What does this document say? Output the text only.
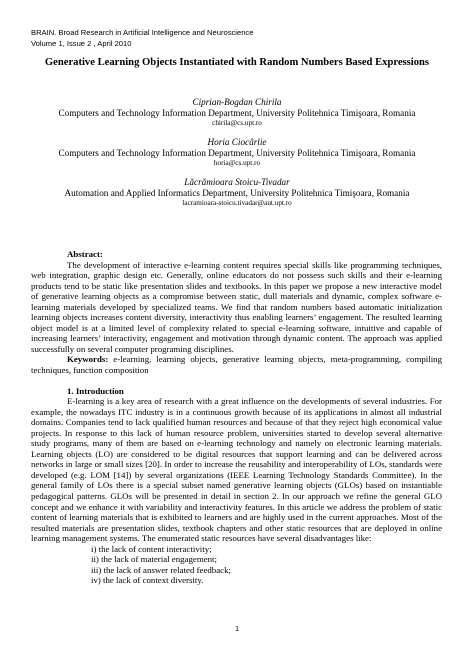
BRAIN. Broad Research in Artificial Intelligence and Neuroscience
Volume 1, Issue 2 , April 2010
Generative Learning Objects Instantiated with Random Numbers Based Expressions
Ciprian-Bogdan Chirila
Computers and Technology Information Department, University Politehnica Timişoara, Romania
chirila@cs.upt.ro
Horia Ciocârlie
Computers and Technology Information Department, University Politehnica Timişoara, Romania
horia@cs.upt.ro
Lăcrămioara Stoicu-Tivadar
Automation and Applied Informatics Department, University Politehnica Timişoara, Romania
lacramioara-stoicu.tivadar@aut.upt.ro
Abstract:

The development of interactive e-learning content requires special skills like programming techniques, web integration, graphic design etc. Generally, online educators do not possess such skills and their e-learning products tend to be static like presentation slides and textbooks. In this paper we propose a new interactive model of generative learning objects as a compromise between static, dull materials and dynamic, complex software e-learning materials developed by specialized teams. We find that random numbers based automatic initialization learning objects increases content diversity, interactivity thus enabling learners’ engagement. The resulted learning object model is at a limited level of complexity related to special e-learning software, intuitive and capable of increasing learners’ interactivity, engagement and motivation through dynamic content. The approach was applied successfully on several computer programing disciplines.

Keywords: e-learning, learning objects, generative learning objects, meta-programming, compiling techniques, function composition

1. Introduction

E-learning is a key area of research with a great influence on the developments of several industries. For example, the nowadays ITC industry is in a continuous growth because of its applications in almost all industrial domains. Companies tend to lack qualified human resources and because of that they reject high economical value projects. In response to this lack of human resource problem, universities started to develop several alternative study programs, many of them are based on e-learning technology and namely on electronic learning materials. Learning objects (LO) are considered to be digital resources that support learning and can be delivered across networks in large or small sizes [20]. In order to increase the reusability and interoperability of LOs, standards were developed (e.g. LOM [14]) by several organizations (IEEE Learning Technology Standards Committee). In the general family of LOs there is a special subset named generative learning objects (GLOs) based on instantiable pedagogical patterns. GLOs will be presented in detail in section 2. In our approach we refine the general GLO concept and we enhance it with variability and interactivity features. In this article we address the problem of static content of learning materials that is exhibited to learners and are highly used in the current approaches. Most of the resulted materials are presentation slides, textbook chapters and other static resources that are deployed in online learning management systems. The enumerated static resources have several disadvantages like:

i) the lack of content interactivity;
ii) the lack of material engagement;
iii) the lack of answer related feedback;
iv) the lack of context diversity.
1
